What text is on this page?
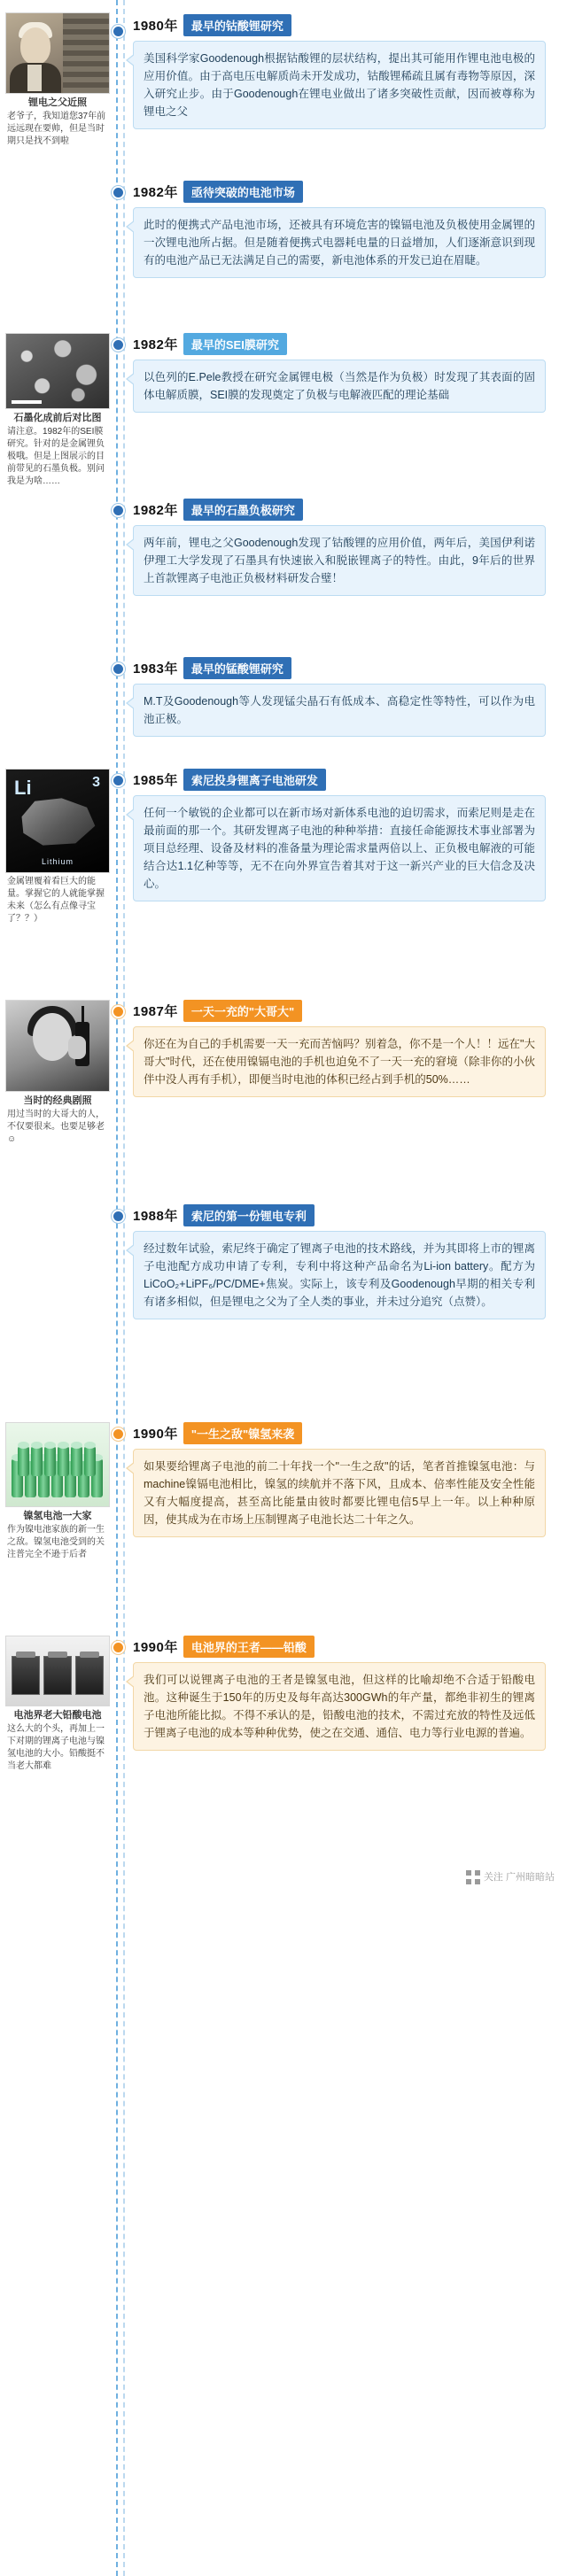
锂电之父近照
老爷子，我知道您37年前远远现在要帅，但是当时期只是找不到啦
1980年	最早的钴酸锂研究
美国科学家Goodenough根据钴酸锂的层状结构，提出其可能用作锂电池电极的应用价值。由于高电压电解质尚未开发成功，钴酸锂稀疏且属有毒物等原因，深入研究止步。由于Goodenough在锂电业做出了诸多突破性贡献，因而被尊称为锂电之父
1982年	亟待突破的电池市场
此时的便携式产品电池市场，还被具有环境危害的镍镉电池及负极使用金属锂的一次锂电池所占据。但是随着便携式电器耗电量的日益增加，人们逐渐意识到现有的电池产品已无法满足自己的需要，新电池体系的开发已迫在眉睫。
石墨化成前后对比图
请注意。1982年的SEI膜研究。针对的是金属锂负极哦。但是上图展示的目前带见的石墨负极。别问我是为啥……
1982年	最早的SEI膜研究
以色列的E.Pele教授在研究金属锂电极（当然是作为负极）时发现了其表面的固体电解质膜，SEI膜的发现奠定了负极与电解液匹配的理论基础
1982年	最早的石墨负极研究
两年前，锂电之父Goodenough发现了钴酸锂的应用价值，两年后，美国伊利诺伊理工大学发现了石墨具有快速嵌入和脱嵌锂离子的特性。由此，9年后的世界上首款锂离子电池正负极材料研发合璧！
1983年	最早的锰酸锂研究
M.T及Goodenough等人发现锰尖晶石有低成本、高稳定性等特性，可以作为电池正极。
Li	3
Lithium
金属锂覆着看巨大的能量。掌握它的人就能掌握未来（怎么有点像寻宝了？？）
1985年	索尼投身锂离子电池研发
任何一个敏锐的企业都可以在新市场对新体系电池的迫切需求，而索尼则是走在最前面的那一个。其研发锂离子电池的种种举措：直接任命能源技术事业部署为项目总经理、设备及材料的准备量为理论需求量两倍以上、正负极电解液的可能结合达1.1亿种等等，无不在向外界宣告着其对于这一新兴产业的巨大信念及决心。
当时的经典剧照
用过当时的大哥大的人，不仅要很来。也要足够老 ☺
1987年	一天一充的"大哥大"
你还在为自己的手机需要一天一充而苦恼吗？别着急，你不是一个人！！远在"大哥大"时代，还在使用镍镉电池的手机也迫免不了一天一充的窘境（除非你的小伙伴中没人再有手机），即便当时电池的体积已经占到手机的50%……
1988年	索尼的第一份锂电专利
经过数年试验，索尼终于确定了锂离子电池的技术路线，并为其即将上市的锂离子电池配方成功申请了专利，专利中将这种产品命名为Li-ion battery。配方为LiCoO₂+LiPF₆/PC/DME+焦炭。实际上，该专利及Goodenough早期的相关专利有诸多相似，但是锂电之父为了全人类的事业，并未过分追究（点赞）。
镍氢电池一大家
作为镍电池家族的新一生之敌。镍氢电池受到的关注普完全不逊于后者
1990年	"一生之敌"镍氢来袭
如果要给锂离子电池的前二十年找一个"一生之敌"的话，笔者首推镍氢电池：与machine镍镉电池相比，镍氢的续航并不落下风，且成本、倍率性能及安全性能又有大幅度提高，甚至高比能量由彼时都要比锂电信5早上一年。以上种种原因，使其成为在市场上压制锂离子电池长达二十年之久。
电池界老大铅酸电池
这么大的个头，再加上一下对期的锂离子电池与镍氢电池的大小。铅酸挺不当老大都难
1990年	电池界的王者——铅酸
我们可以说锂离子电池的王者是镍氢电池，但这样的比喻却绝不合适于铅酸电池。这种诞生于150年的历史及每年高达300GWh的年产量，都绝非初生的锂离子电池所能比拟。不得不承认的是，铅酸电池的技术，不需过充放的特性及远低于锂离子电池的成本等种种优势，使之在交通、通信、电力等行业电源的普遍。
关注 广州暗暗站
